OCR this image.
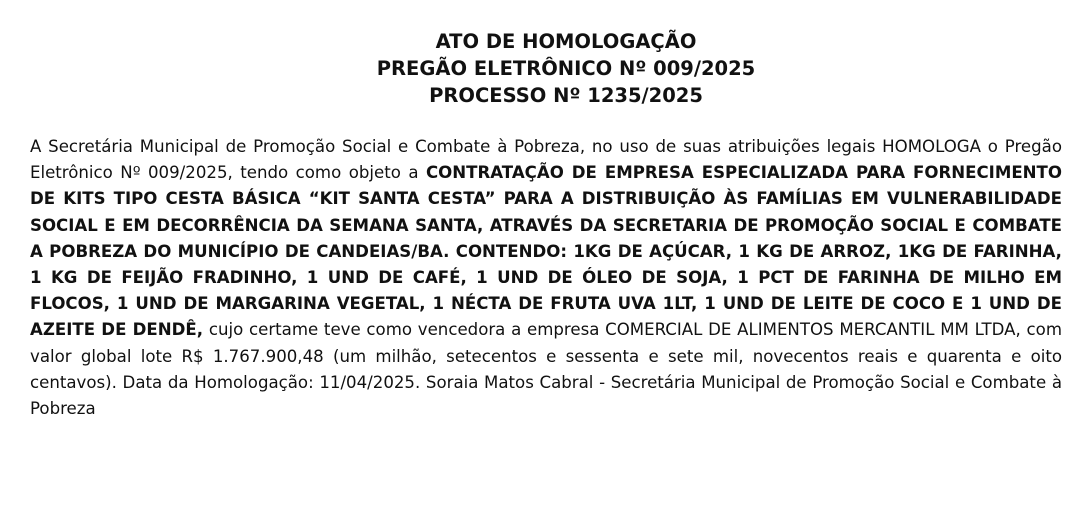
ATO DE HOMOLOGAÇÃO
PREGÃO ELETRÔNICO Nº 009/2025
PROCESSO Nº 1235/2025
A Secretária Municipal de Promoção Social e Combate à Pobreza, no uso de suas atribuições legais HOMOLOGA o Pregão Eletrônico Nº 009/2025, tendo como objeto a CONTRATAÇÃO DE EMPRESA ESPECIALIZADA PARA FORNECIMENTO DE KITS TIPO CESTA BÁSICA “KIT SANTA CESTA” PARA A DISTRIBUIÇÃO ÀS FAMÍLIAS EM VULNERABILIDADE SOCIAL E EM DECORRÊNCIA DA SEMANA SANTA, ATRAVÉS DA SECRETARIA DE PROMOÇÃO SOCIAL E COMBATE A POBREZA DO MUNICÍPIO DE CANDEIAS/BA. CONTENDO: 1KG DE AÇÚCAR, 1 KG DE ARROZ, 1KG DE FARINHA, 1 KG DE FEIJÃO FRADINHO, 1 UND DE CAFÉ, 1 UND DE ÓLEO DE SOJA, 1 PCT DE FARINHA DE MILHO EM FLOCOS, 1 UND DE MARGARINA VEGETAL, 1 NÉCTA DE FRUTA UVA 1LT, 1 UND DE LEITE DE COCO E 1 UND DE AZEITE DE DENDÊ, cujo certame teve como vencedora a empresa COMERCIAL DE ALIMENTOS MERCANTIL MM LTDA, com valor global lote R$ 1.767.900,48 (um milhão, setecentos e sessenta e sete mil, novecentos reais e quarenta e oito centavos). Data da Homologação: 11/04/2025. Soraia Matos Cabral - Secretária Municipal de Promoção Social e Combate à Pobreza
